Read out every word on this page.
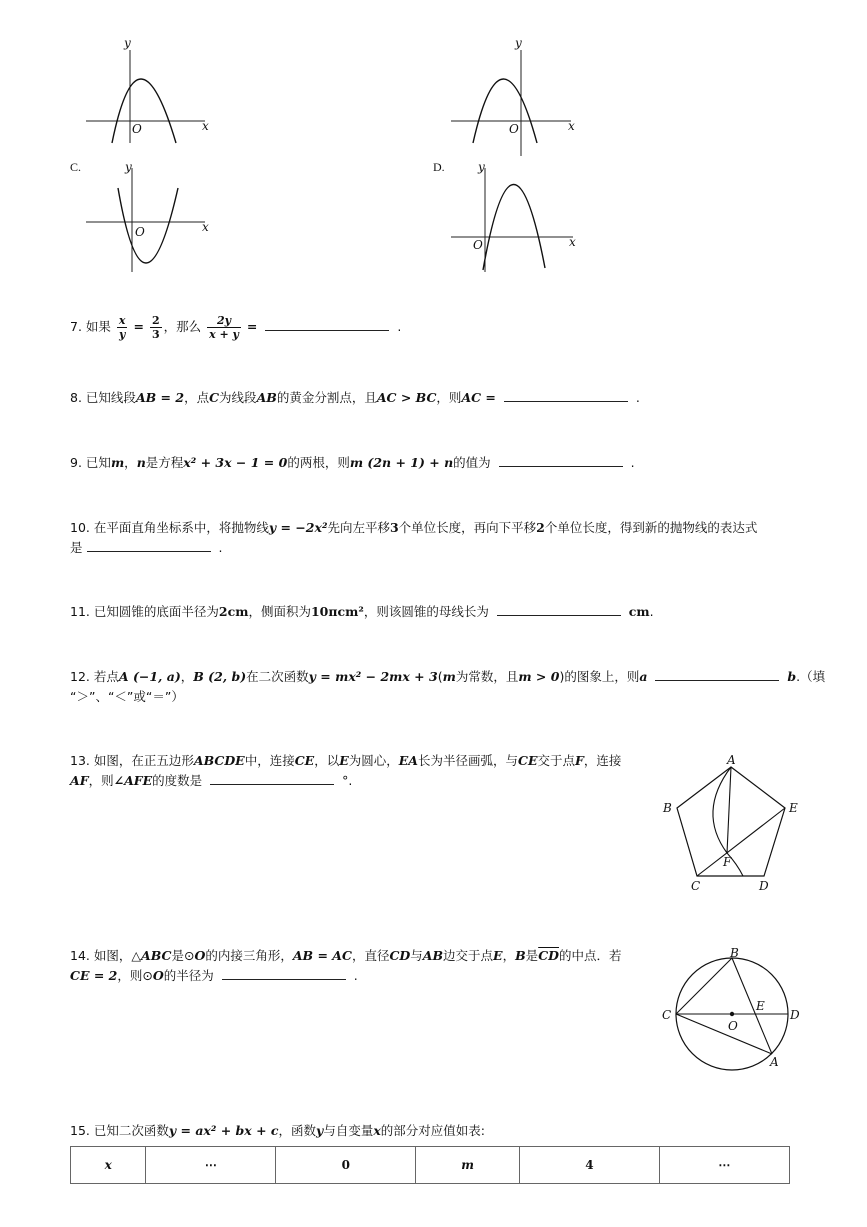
y
x
O
y
x
O
C.	y
x
O
D.	y
x
O
7. 如果 $\frac{x}{y} = \frac{2}{3}$ ，那么 $\frac{2y}{x + y}$ =	.
8. 已知线段AB = 2，点C为线段AB的黄金分割点，且AC > BC，则AC =	.
9. 已知m，n是方程x² + 3x − 1 = 0的两根，则m (2n + 1) + n的值为	.
10. 在平面直角坐标系中，将抛物线y = −2x²先向左平移3个单位长度，再向下平移2个单位长度，得到新的抛物线的表达式
是	.
11. 已知圆锥的底面半径为2cm，侧面积为10πcm²，则该圆锥的母线长为	cm.
12. 若点A (−1, a)，B (2, b)在二次函数y = mx² − 2mx + 3(m为常数，且m > 0)的图象上，则a	b.（填
“＞”、“＜”或“＝”）
13. 如图，在正五边形ABCDE中，连接CE，以E为圆心，EA长为半径画弧，与CE交于点F，连接
AF，则∠AFE的度数是	°.
A
B
C	D
E
F
14. 如图，△ABC是⊙O的内接三角形，AB = AC，直径CD与AB边交于点E，B是$\overline{CD}$的中点．若
CE = 2，则⊙O的半径为	.
B
C	D
E
O
A
15. 已知二次函数y = ax² + bx + c，函数y与自变量x的部分对应值如表:
x	⋯	0	m	4	⋯
